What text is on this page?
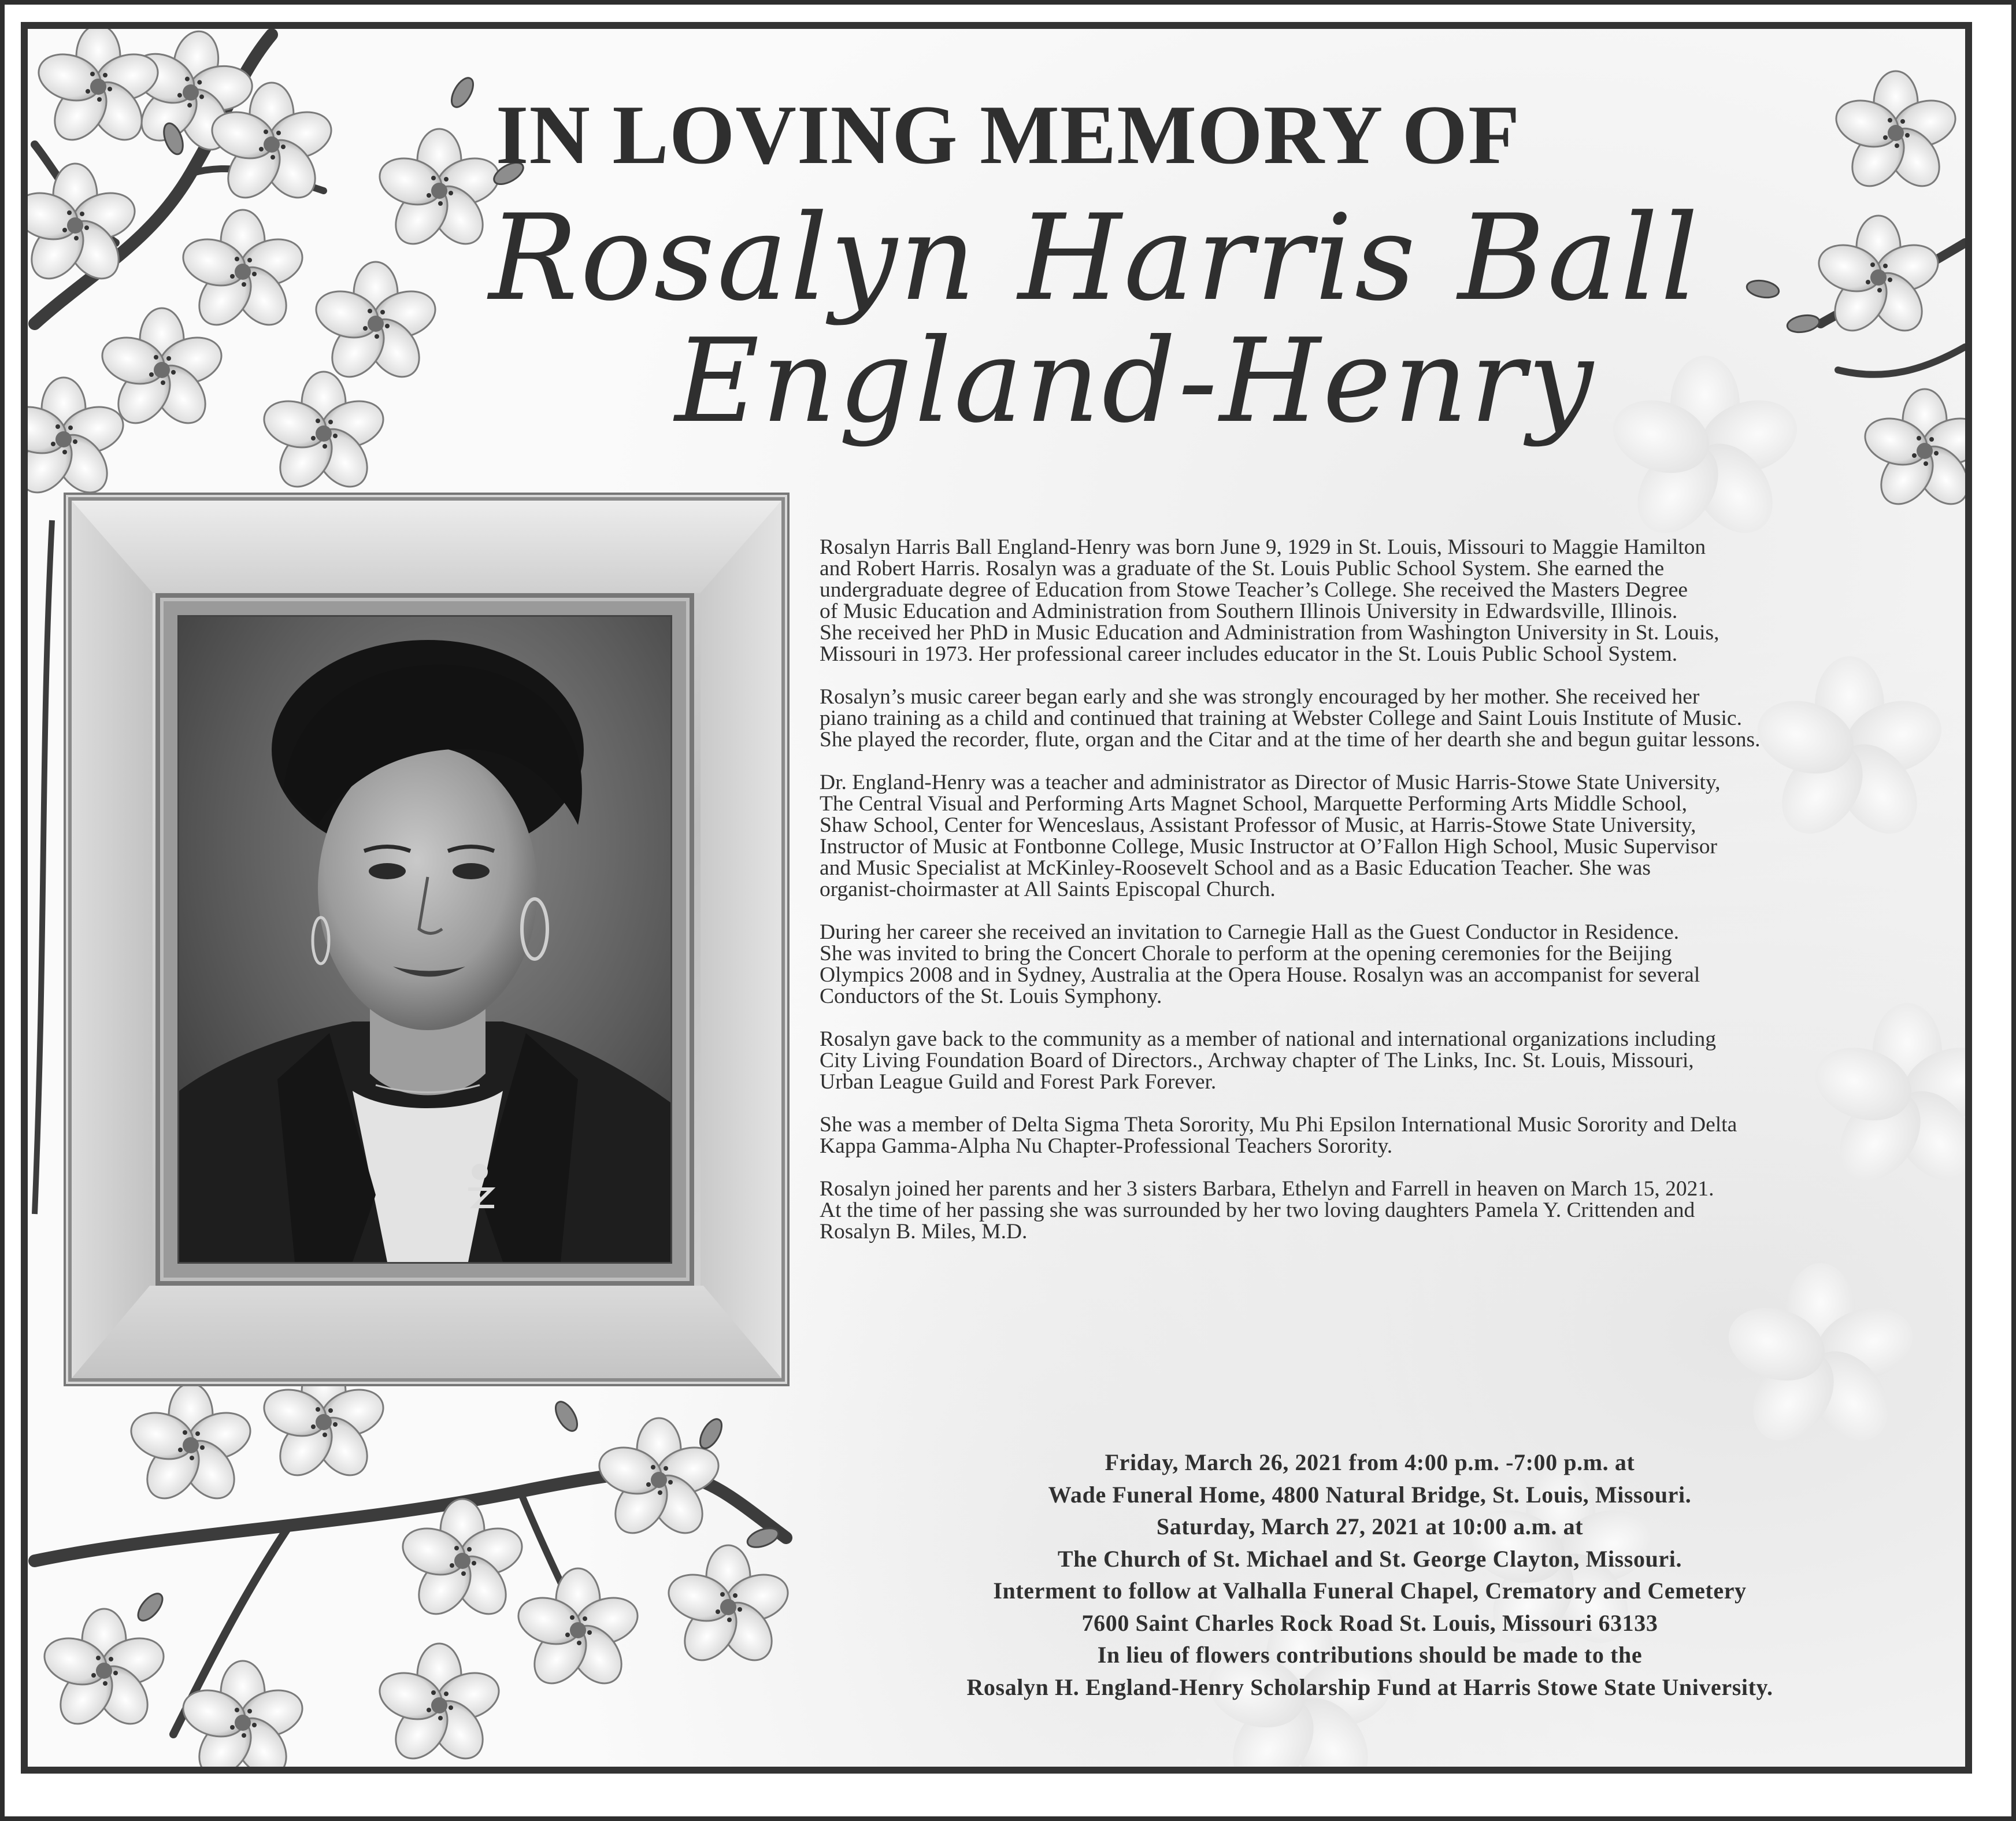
IN LOVING MEMORY OF
Rosalyn Harris Ball
England-Henry

Rosalyn Harris Ball England-Henry was born June 9, 1929 in St. Louis, Missouri to Maggie Hamilton
and Robert Harris. Rosalyn was a graduate of the St. Louis Public School System. She earned the
undergraduate degree of Education from Stowe Teacher’s College. She received the Masters Degree
of Music Education and Administration from Southern Illinois University in Edwardsville, Illinois.
She received her PhD in Music Education and Administration from Washington University in St. Louis,
Missouri in 1973. Her professional career includes educator in the St. Louis Public School System.

Rosalyn’s music career began early and she was strongly encouraged by her mother. She received her
piano training as a child and continued that training at Webster College and Saint Louis Institute of Music.
She played the recorder, flute, organ and the Citar and at the time of her dearth she and begun guitar lessons.

Dr. England-Henry was a teacher and administrator as Director of Music Harris-Stowe State University,
The Central Visual and Performing Arts Magnet School, Marquette Performing Arts Middle School,
Shaw School, Center for Wenceslaus, Assistant Professor of Music, at Harris-Stowe State University,
Instructor of Music at Fontbonne College, Music Instructor at O’Fallon High School, Music Supervisor
and Music Specialist at McKinley-Roosevelt School and as a Basic Education Teacher. She was
organist-choirmaster at All Saints Episcopal Church.

During her career she received an invitation to Carnegie Hall as the Guest Conductor in Residence.
She was invited to bring the Concert Chorale to perform at the opening ceremonies for the Beijing
Olympics 2008 and in Sydney, Australia at the Opera House. Rosalyn was an accompanist for several
Conductors of the St. Louis Symphony.

Rosalyn gave back to the community as a member of national and international organizations including
City Living Foundation Board of Directors., Archway chapter of The Links, Inc. St. Louis, Missouri,
Urban League Guild and Forest Park Forever.

She was a member of Delta Sigma Theta Sorority, Mu Phi Epsilon International Music Sorority and Delta
Kappa Gamma-Alpha Nu Chapter-Professional Teachers Sorority.

Rosalyn joined her parents and her 3 sisters Barbara, Ethelyn and Farrell in heaven on March 15, 2021.
At the time of her passing she was surrounded by her two loving daughters Pamela Y. Crittenden and
Rosalyn B. Miles, M.D.

Friday, March 26, 2021 from 4:00 p.m. -7:00 p.m. at
Wade Funeral Home, 4800 Natural Bridge, St. Louis, Missouri.
Saturday, March 27, 2021 at 10:00 a.m. at
The Church of St. Michael and St. George Clayton, Missouri.
Interment to follow at Valhalla Funeral Chapel, Crematory and Cemetery
7600 Saint Charles Rock Road St. Louis, Missouri 63133
In lieu of flowers contributions should be made to the
Rosalyn H. England-Henry Scholarship Fund at Harris Stowe State University.
